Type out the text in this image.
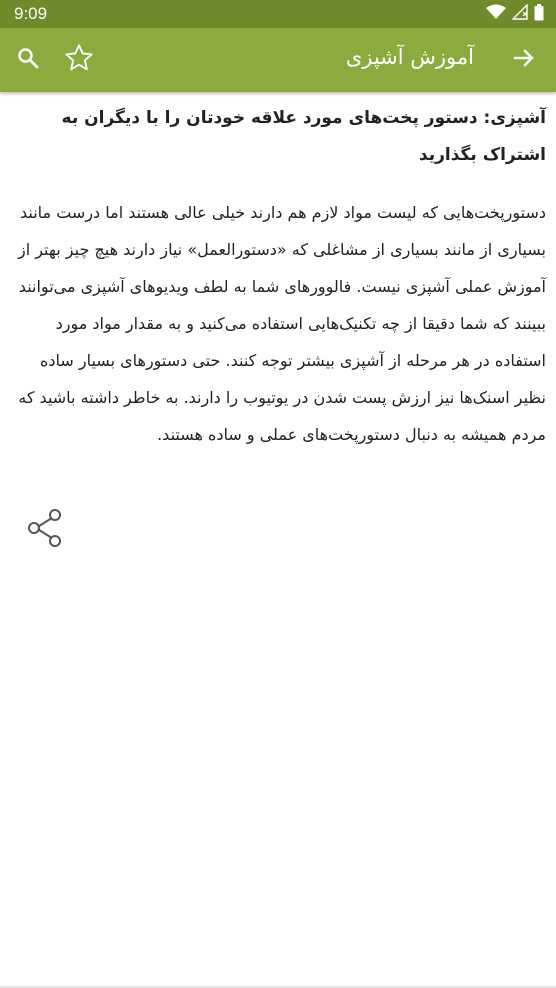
9:09
آموزش آشپزی
آشپزی: دستور پخت‌های مورد علاقه خودتان را با دیگران به اشتراک بگذارید

دستورپخت‌هایی که لیست مواد لازم هم دارند خیلی عالی هستند اما درست مانند بسیاری از مانند بسیاری از مشاغلی که «دستورالعمل» نیاز دارند هیچ چیز بهتر از آموزش عملی آشپزی نیست. فالوورهای شما به لطف ویدیوهای آشپزی می‌توانند ببینند که شما دقیقا از چه تکنیک‌هایی استفاده می‌کنید و به مقدار مواد مورد استفاده در هر مرحله از آشپزی بیشتر توجه کنند. حتی دستورهای بسیار ساده نظیر اسنک‌ها نیز ارزش پست شدن در یوتیوب را دارند. به خاطر داشته باشید که مردم همیشه به دنبال دستورپخت‌های عملی و ساده هستند.
